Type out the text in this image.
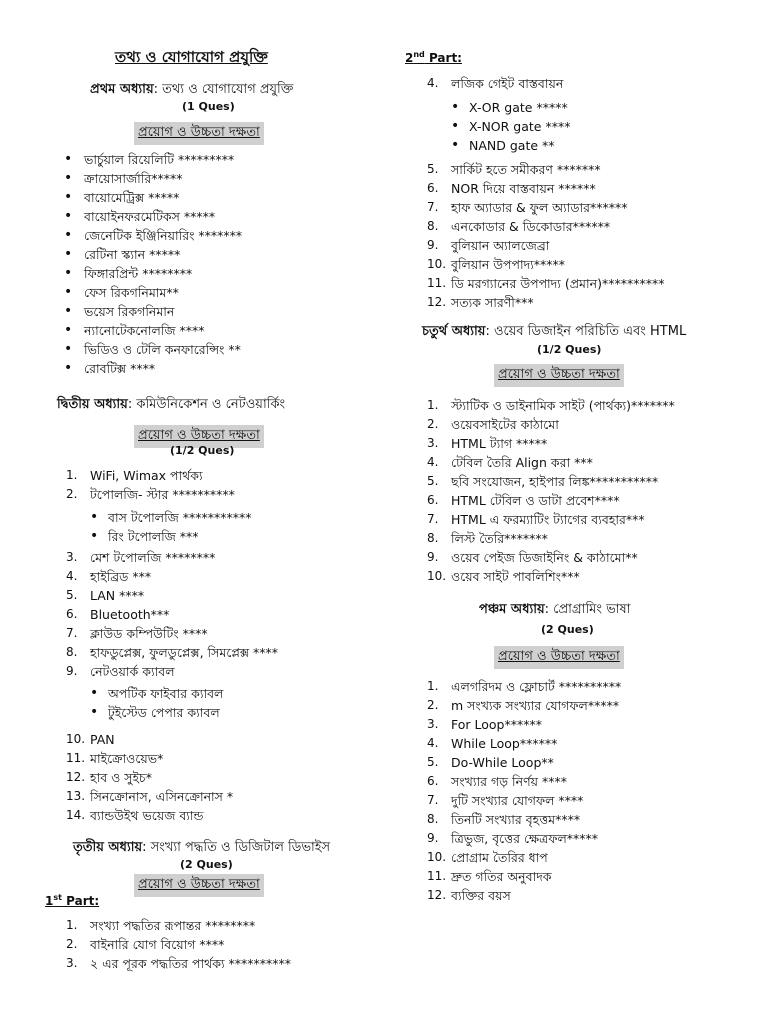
তথ্য ও যোগাযোগ প্রযুক্তি
প্রথম অধ্যায়: তথ্য ও যোগাযোগ প্রযুক্তি
(1 Ques)
প্রয়োগ ও উচ্চতা দক্ষতা
• ভার্চুয়াল রিয়েলিটি *********
• ক্রায়োসার্জারি*****
• বায়োমেট্রিক্স *****
• বায়োইনফরমেটিকস *****
• জেনেটিক ইঞ্জিনিয়ারিং *******
• রেটিনা স্ক্যান *****
• ফিঙ্গারপ্রিন্ট ********
• ফেস রিকগনিমাম**
• ভয়েস রিকগনিমান
• ন্যানোটেকনোলজি ****
• ভিডিও ও টেলি কনফারেন্সিং **
• রোবটিক্স ****
দ্বিতীয় অধ্যায়: কমিউনিকেশন ও নেটওয়ার্কিং
প্রয়োগ ও উচ্চতা দক্ষতা
(1/2 Ques)
1.	WiFi, Wimax পার্থক্য
2.	টপোলজি- স্টার **********
• বাস টপোলজি ***********
• রিং টপোলজি ***
3.	মেশ টপোলজি ********
4.	হাইব্রিড ***
5.	LAN ****
6.	Bluetooth***
7.	ক্লাউড কম্পিউটিং ****
8.	হাফডুপ্লেক্স, ফুলডুপ্লেক্স, সিমপ্লেক্স ****
9.	নেটওয়ার্ক ক্যাবল
• অপটিক ফাইবার ক্যাবল
• টুইস্টেড পেপার ক্যাবল
10. PAN
11. মাইক্রোওয়েভ*
12. হাব ও সুইচ*
13. সিনক্রোনাস, এসিনক্রোনাস *
14. ব্যান্ডউইথ ভয়েজ ব্যান্ড
তৃতীয় অধ্যায়: সংখ্যা পদ্ধতি ও ডিজিটাল ডিভাইস
(2 Ques)
প্রয়োগ ও উচ্চতা দক্ষতা
1st Part:
1.	সংখ্যা পদ্ধতির রূপান্তর ********
2.	বাইনারি যোগ বিয়োগ ****
3.	২ এর পূরক পদ্ধতির পার্থক্য **********
2nd Part:
4.	লজিক গেইট বাস্তবায়ন
• X-OR gate *****
• X-NOR gate ****
• NAND gate **
5.	সার্কিট হতে সমীকরণ *******
6.	NOR দিয়ে বাস্তবায়ন ******
7.	হাফ অ্যাডার & ফুল অ্যাডার******
8.	এনকোডার & ডিকোডার******
9.	বুলিয়ান অ্যালজেব্রা
10. বুলিয়ান উপপাদ্য*****
11. ডি মরগ্যানের উপপাদ্য (প্রমান)**********
12. সত্যক সারণী***
চতুর্থ অধ্যায়: ওয়েব ডিজাইন পরিচিতি এবং HTML
(1/2 Ques)
প্রয়োগ ও উচ্চতা দক্ষতা
1.	স্ট্যাটিক ও ডাইনামিক সাইট (পার্থক্য)*******
2.	ওয়েবসাইটের কাঠামো
3.	HTML ট্যাগ *****
4.	টেবিল তৈরি Align করা ***
5.	ছবি সংযোজন, হাইপার লিঙ্ক***********
6.	HTML টেবিল ও ডাটা প্রবেশ****
7.	HTML এ ফরম্যাটিং ট্যাগের ব্যবহার***
8.	লিস্ট তৈরি*******
9.	ওয়েব পেইজ ডিজাইনিং & কাঠামো**
10. ওয়েব সাইট পাবলিশিং***
পঞ্চম অধ্যায়: প্রোগ্রামিং ভাষা
(2 Ques)
প্রয়োগ ও উচ্চতা দক্ষতা
1.	এলগরিদম ও ফ্লোচার্ট **********
2.	m সংখ্যক সংখ্যার যোগফল*****
3.	For Loop******
4.	While Loop******
5.	Do-While Loop**
6.	সংখ্যার গড় নির্ণয় ****
7.	দুটি সংখ্যার যোগফল ****
8.	তিনটি সংখ্যার বৃহত্তম****
9.	ত্রিভুজ, বৃত্তের ক্ষেত্রফল*****
10. প্রোগ্রাম তৈরির ধাপ
11. দ্রুত গতির অনুবাদক
12. ব্যক্তির বয়স
